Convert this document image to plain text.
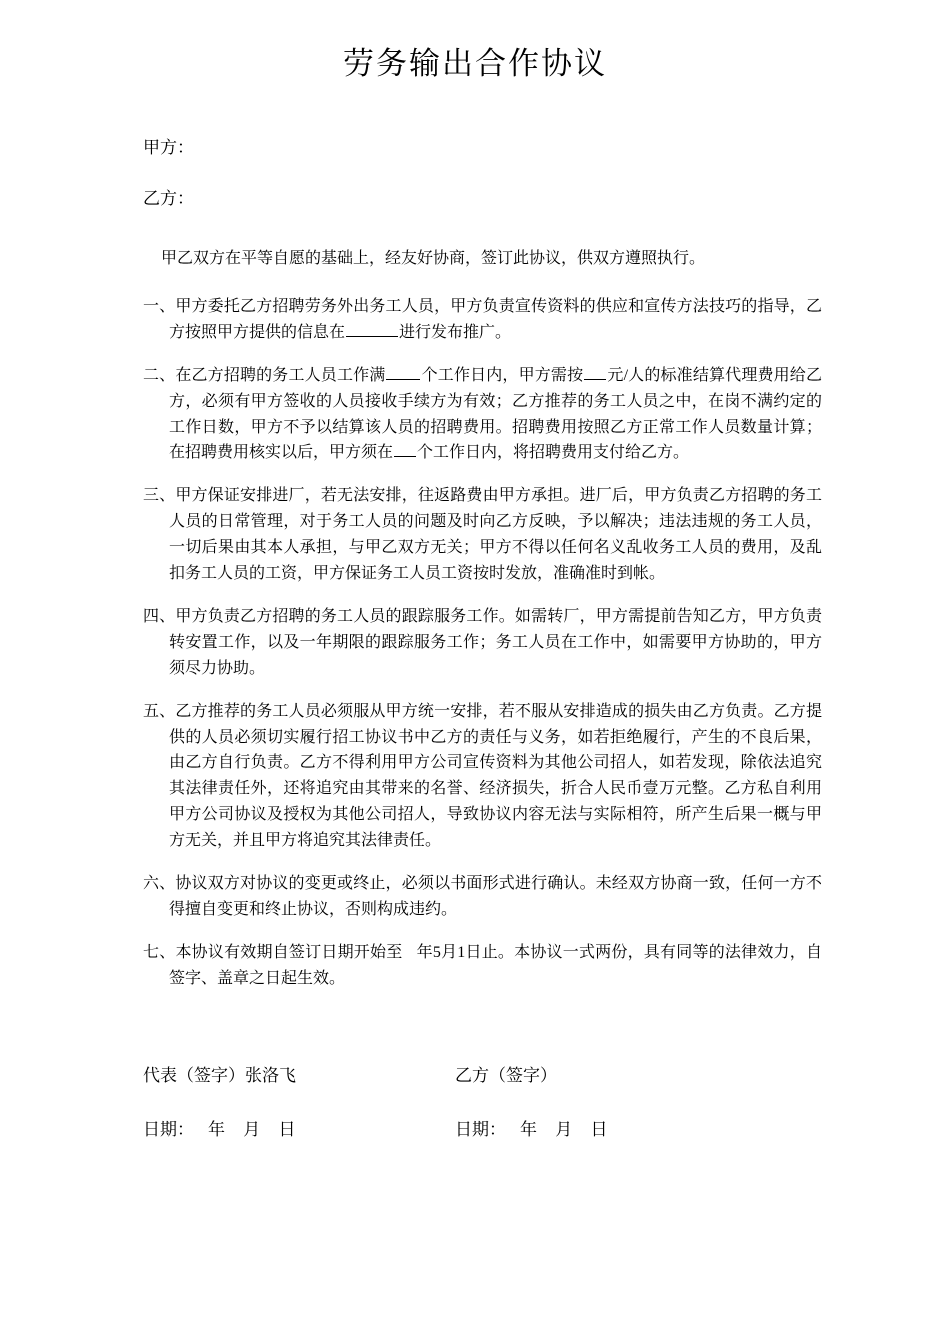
劳务输出合作协议

甲方：

乙方：

甲乙双方在平等自愿的基础上，经友好协商，签订此协议，供双方遵照执行。

一、甲方委托乙方招聘劳务外出务工人员，甲方负责宣传资料的供应和宣传方法技巧的指导，乙方按照甲方提供的信息在	进行发布推广。

二、在乙方招聘的务工人员工作满 个工作日内，甲方需按 元/人的标准结算代理费用给乙方，必须有甲方签收的人员接收手续方为有效；乙方推荐的务工人员之中，在岗不满约定的工作日数，甲方不予以结算该人员的招聘费用。招聘费用按照乙方正常工作人员数量计算；在招聘费用核实以后，甲方须在 个工作日内，将招聘费用支付给乙方。

三、甲方保证安排进厂，若无法安排，往返路费由甲方承担。进厂后，甲方负责乙方招聘的务工人员的日常管理，对于务工人员的问题及时向乙方反映，予以解决；违法违规的务工人员，一切后果由其本人承担，与甲乙双方无关；甲方不得以任何名义乱收务工人员的费用，及乱扣务工人员的工资，甲方保证务工人员工资按时发放，准确准时到帐。

四、甲方负责乙方招聘的务工人员的跟踪服务工作。如需转厂，甲方需提前告知乙方，甲方负责转安置工作，以及一年期限的跟踪服务工作；务工人员在工作中，如需要甲方协助的，甲方须尽力协助。

五、乙方推荐的务工人员必须服从甲方统一安排，若不服从安排造成的损失由乙方负责。乙方提供的人员必须切实履行招工协议书中乙方的责任与义务，如若拒绝履行，产生的不良后果，由乙方自行负责。乙方不得利用甲方公司宣传资料为其他公司招人，如若发现，除依法追究其法律责任外，还将追究由其带来的名誉、经济损失，折合人民币壹万元整。乙方私自利用甲方公司协议及授权为其他公司招人，导致协议内容无法与实际相符，所产生后果一概与甲方无关，并且甲方将追究其法律责任。

六、协议双方对协议的变更或终止，必须以书面形式进行确认。未经双方协商一致，任何一方不得擅自变更和终止协议，否则构成违约。

七、本协议有效期自签订日期开始至 年5月1日止。本协议一式两份，具有同等的法律效力，自签字、盖章之日起生效。

代表（签字）张洛飞	乙方（签字）
日期： 年 月 日	日期： 年 月 日
